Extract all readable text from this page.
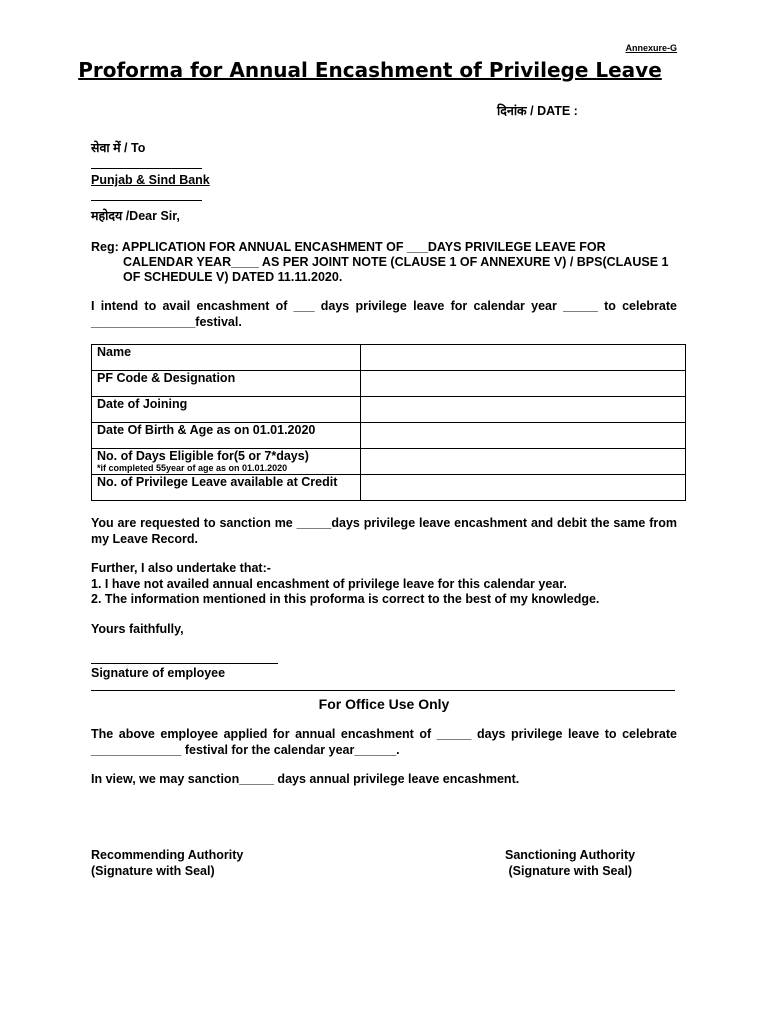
Annexure-G
Proforma for Annual Encashment of Privilege Leave
दिनांक / DATE :
सेवा में / To
Punjab & Sind Bank
महोदय /Dear Sir,
Reg: APPLICATION FOR ANNUAL ENCASHMENT OF ___DAYS PRIVILEGE LEAVE FOR

CALENDAR YEAR____ AS PER JOINT NOTE (CLAUSE 1 OF ANNEXURE V) / BPS(CLAUSE 1
OF SCHEDULE V) DATED 11.11.2020.
I intend to avail encashment of ___ days privilege leave for calendar year _____ to celebrate _______________festival.
Name	
PF Code & Designation	
Date of Joining	
Date Of Birth & Age as on 01.01.2020	
No. of Days Eligible for(5 or 7*days)
*if completed 55year of age as on 01.01.2020	

No. of Privilege Leave available at Credit	
You are requested to sanction me _____days privilege leave encashment and debit the same from my Leave Record.
Further, I also undertake that:-
1. I have not availed annual encashment of privilege leave for this calendar year.
2. The information mentioned in this proforma is correct to the best of my knowledge.
Yours faithfully,
Signature of employee
For Office Use Only
The above employee applied for annual encashment of _____ days privilege leave to celebrate _____________ festival for the calendar year______.
In view, we may sanction_____ days annual privilege leave encashment.
Recommending Authority
(Signature with Seal)
Sanctioning Authority
(Signature with Seal)
